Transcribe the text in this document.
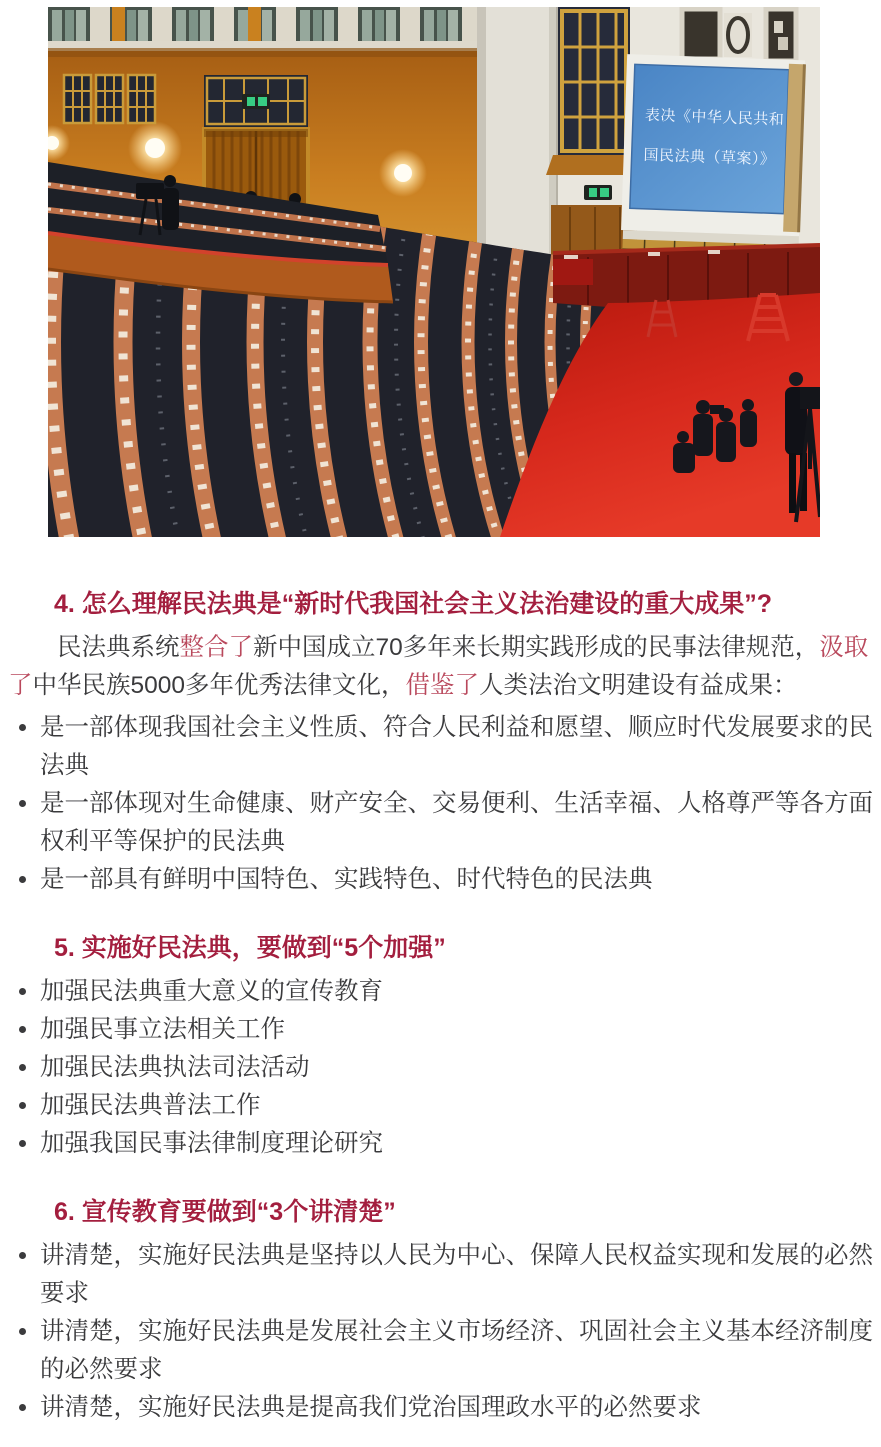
表决《中华人民共和
国民法典（草案）》
4. 怎么理解民法典是“新时代我国社会主义法治建设的重大成果”?

民法典系统整合了新中国成立70多年来长期实践形成的民事法律规范，汲取了中华民族5000多年优秀法律文化，借鉴了人类法治文明建设有益成果：

是一部体现我国社会主义性质、符合人民利益和愿望、顺应时代发展要求的民法典
是一部体现对生命健康、财产安全、交易便利、生活幸福、人格尊严等各方面权利平等保护的民法典
是一部具有鲜明中国特色、实践特色、时代特色的民法典
5. 实施好民法典，要做到“5个加强”
加强民法典重大意义的宣传教育
加强民事立法相关工作
加强民法典执法司法活动
加强民法典普法工作
加强我国民事法律制度理论研究
6. 宣传教育要做到“3个讲清楚”
讲清楚，实施好民法典是坚持以人民为中心、保障人民权益实现和发展的必然要求
讲清楚，实施好民法典是发展社会主义市场经济、巩固社会主义基本经济制度的必然要求
讲清楚，实施好民法典是提高我们党治国理政水平的必然要求
